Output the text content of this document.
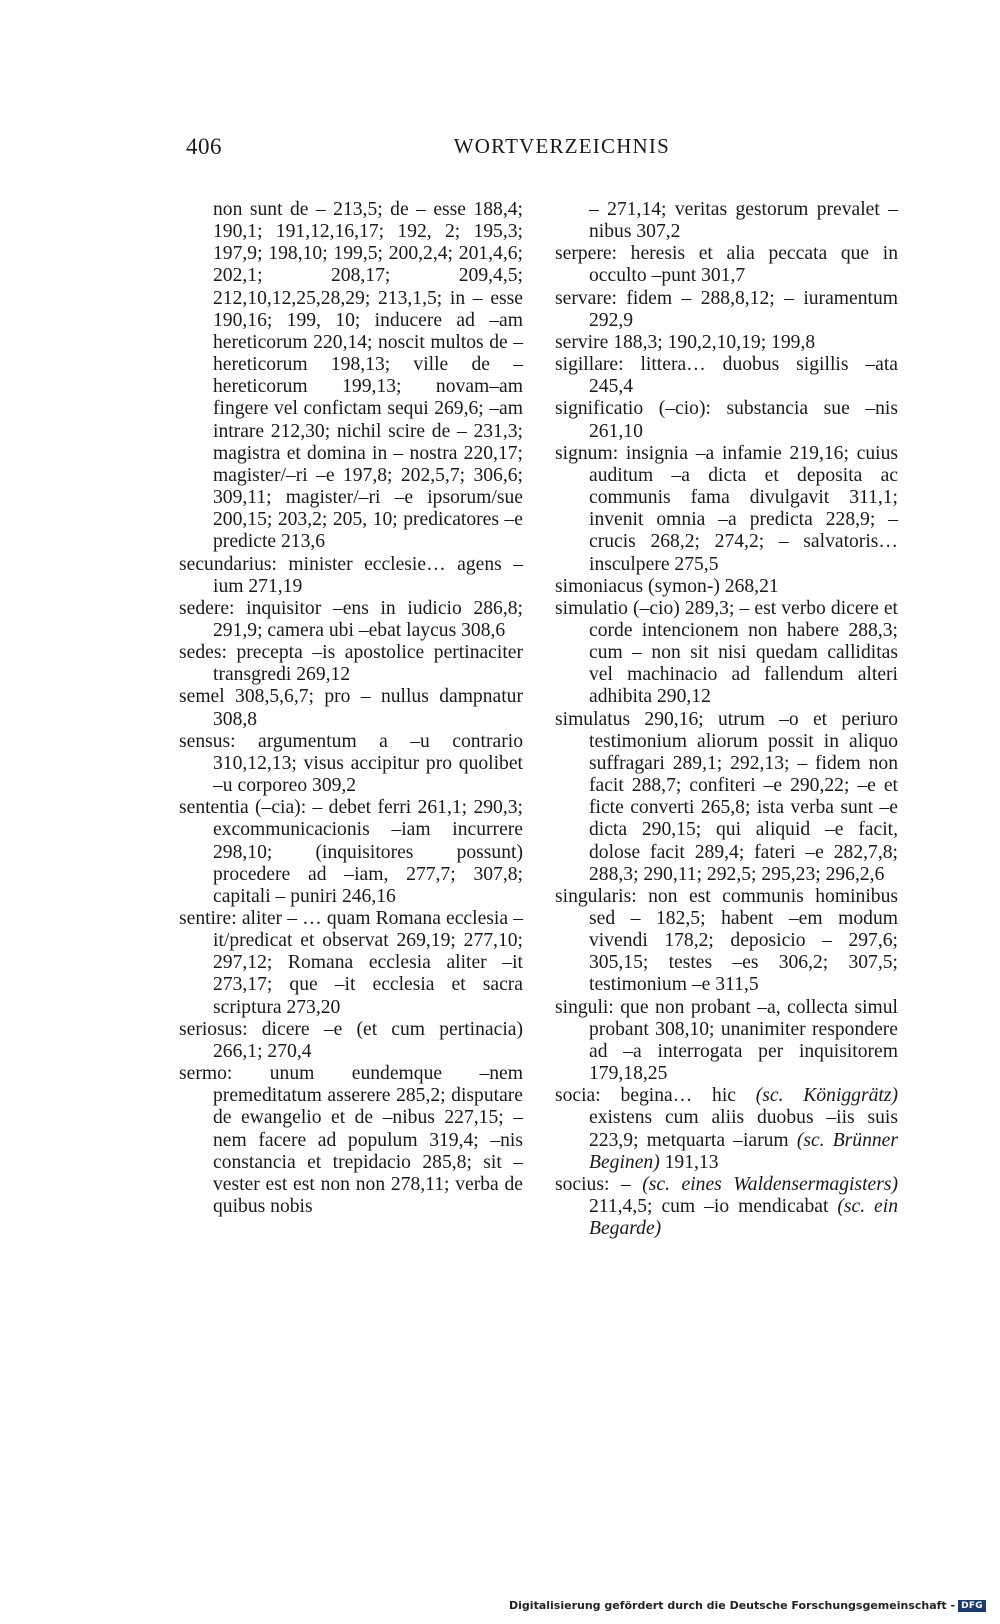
406	WORTVERZEICHNIS

non sunt de – 213,5; de – esse 188,4; 190,1; 191,12,16,17; 192, 2; 195,3; 197,9; 198,10; 199,5; 200,2,4; 201,4,6; 202,1; 208,17; 209,4,5; 212,10,12,25,28,29; 213,1,5; in – esse 190,16; 199, 10; inducere ad –am hereticorum 220,14; noscit multos de – hereticorum 198,13; ville de – hereticorum 199,13; novam–am fingere vel confictam sequi 269,6; –am intrare 212,30; nichil scire de – 231,3; magistra et domina in – nostra 220,17; magister/–ri –e 197,8; 202,5,7; 306,6; 309,11; magister/–ri –e ipsorum/sue 200,15; 203,2; 205, 10; predicatores –e predicte 213,6

secundarius: minister ecclesie… agens –ium 271,19

sedere: inquisitor –ens in iudicio 286,8; 291,9; camera ubi –ebat laycus 308,6

sedes: precepta –is apostolice pertinaciter transgredi 269,12

semel 308,5,6,7; pro – nullus dampnatur 308,8

sensus: argumentum a –u contrario 310,12,13; visus accipitur pro quolibet –u corporeo 309,2

sententia (–cia): – debet ferri 261,1; 290,3; excommunicacionis –iam incurrere 298,10; (inquisitores possunt) procedere ad –iam, 277,7; 307,8; capitali – puniri 246,16

sentire: aliter – … quam Romana ecclesia –it/predicat et observat 269,19; 277,10; 297,12; Romana ecclesia aliter –it 273,17; que –it ecclesia et sacra scriptura 273,20

seriosus: dicere –e (et cum pertinacia) 266,1; 270,4

sermo: unum eundemque –nem premeditatum asserere 285,2; disputare de ewangelio et de –nibus 227,15; –nem facere ad populum 319,4; –nis constancia et trepidacio 285,8; sit – vester est est non non 278,11; verba de quibus nobis

– 271,14; veritas gestorum prevalet –nibus 307,2

serpere: heresis et alia peccata que in occulto –punt 301,7

servare: fidem – 288,8,12; – iuramentum 292,9

servire 188,3; 190,2,10,19; 199,8

sigillare: littera… duobus sigillis –ata 245,4

significatio (–cio): substancia sue –nis 261,10

signum: insignia –a infamie 219,16; cuius auditum –a dicta et deposita ac communis fama divulgavit 311,1; invenit omnia –a predicta 228,9; – crucis 268,2; 274,2; – salvatoris… insculpere 275,5

simoniacus (symon-) 268,21

simulatio (–cio) 289,3; – est verbo dicere et corde intencionem non habere 288,3; cum – non sit nisi quedam calliditas vel machinacio ad fallendum alteri adhibita 290,12

simulatus 290,16; utrum –o et periuro testimonium aliorum possit in aliquo suffragari 289,1; 292,13; – fidem non facit 288,7; confiteri –e 290,22; –e et ficte converti 265,8; ista verba sunt –e dicta 290,15; qui aliquid –e facit, dolose facit 289,4; fateri –e 282,7,8; 288,3; 290,11; 292,5; 295,23; 296,2,6

singularis: non est communis hominibus sed – 182,5; habent –em modum vivendi 178,2; deposicio – 297,6; 305,15; testes –es 306,2; 307,5; testimonium –e 311,5

singuli: que non probant –a, collecta simul probant 308,10; unanimiter respondere ad –a interrogata per inquisitorem 179,18,25

socia: begina… hic (sc. Königgrätz) existens cum aliis duobus –iis suis 223,9; metquarta –iarum (sc. Brünner Beginen) 191,13

socius: – (sc. eines Waldensermagisters) 211,4,5; cum –io mendicabat (sc. ein Begarde)

Digitalisierung gefördert durch die Deutsche Forschungsgemeinschaft - DFG
